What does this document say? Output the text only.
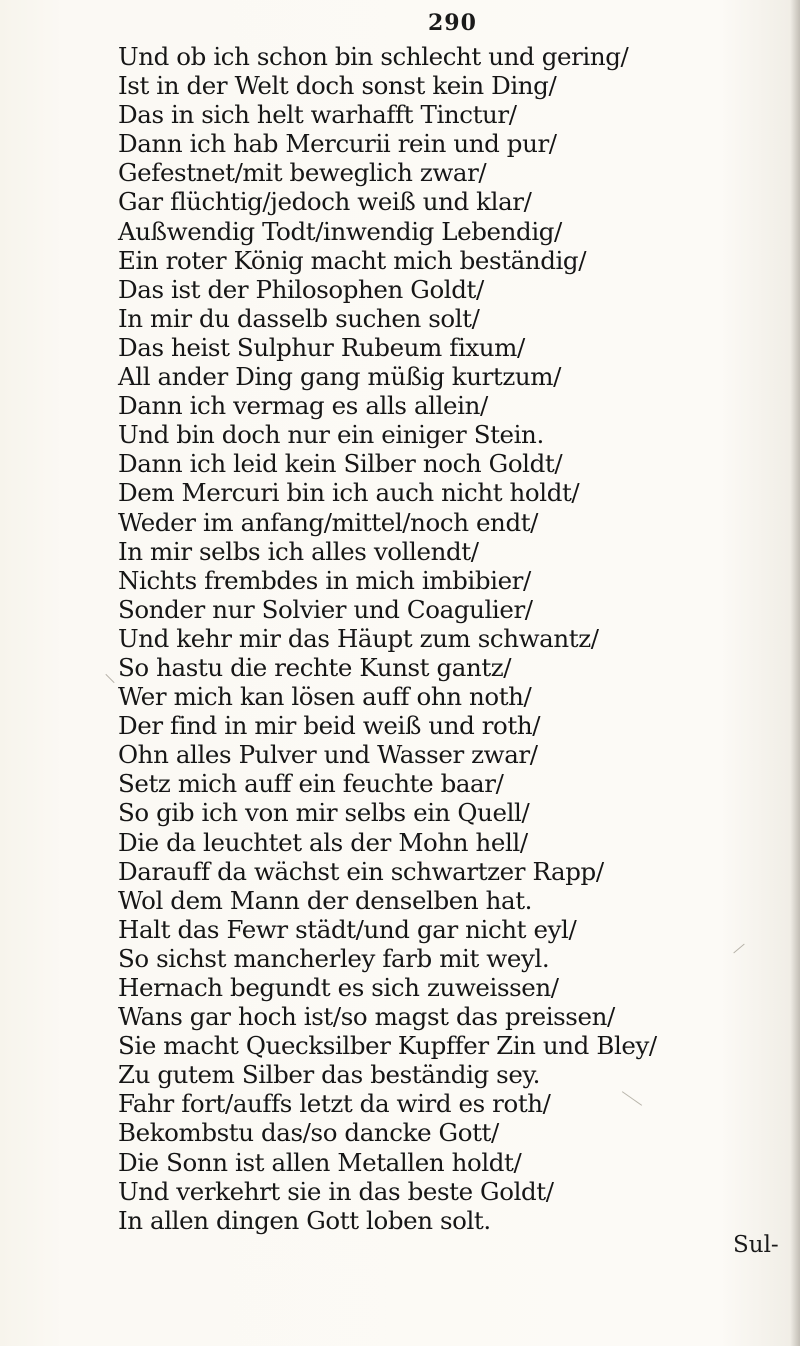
290
Und ob ich schon bin schlecht und gering/
Ist in der Welt doch sonst kein Ding/
Das in sich helt warhafft Tinctur/
Dann ich hab Mercurii rein und pur/
Gefestnet/mit beweglich zwar/
Gar flüchtig/jedoch weiß und klar/
Außwendig Todt/inwendig Lebendig/
Ein roter König macht mich beständig/
Das ist der Philosophen Goldt/
In mir du dasselb suchen solt/
Das heist Sulphur Rubeum fixum/
All ander Ding gang müßig kurtzum/
Dann ich vermag es alls allein/
Und bin doch nur ein einiger Stein.
Dann ich leid kein Silber noch Goldt/
Dem Mercuri bin ich auch nicht holdt/
Weder im anfang/mittel/noch endt/
In mir selbs ich alles vollendt/
Nichts frembdes in mich imbibier/
Sonder nur Solvier und Coagulier/
Und kehr mir das Häupt zum schwantz/
So hastu die rechte Kunst gantz/
Wer mich kan lösen auff ohn noth/
Der find in mir beid weiß und roth/
Ohn alles Pulver und Wasser zwar/
Setz mich auff ein feuchte baar/
So gib ich von mir selbs ein Quell/
Die da leuchtet als der Mohn hell/
Darauff da wächst ein schwartzer Rapp/
Wol dem Mann der denselben hat.
Halt das Fewr städt/und gar nicht eyl/
So sichst mancherley farb mit weyl.
Hernach begundt es sich zuweissen/
Wans gar hoch ist/so magst das preissen/
Sie macht Quecksilber Kupffer Zin und Bley/
Zu gutem Silber das beständig sey.
Fahr fort/auffs letzt da wird es roth/
Bekombstu das/so dancke Gott/
Die Sonn ist allen Metallen holdt/
Und verkehrt sie in das beste Goldt/
In allen dingen Gott loben solt.
Sul-
